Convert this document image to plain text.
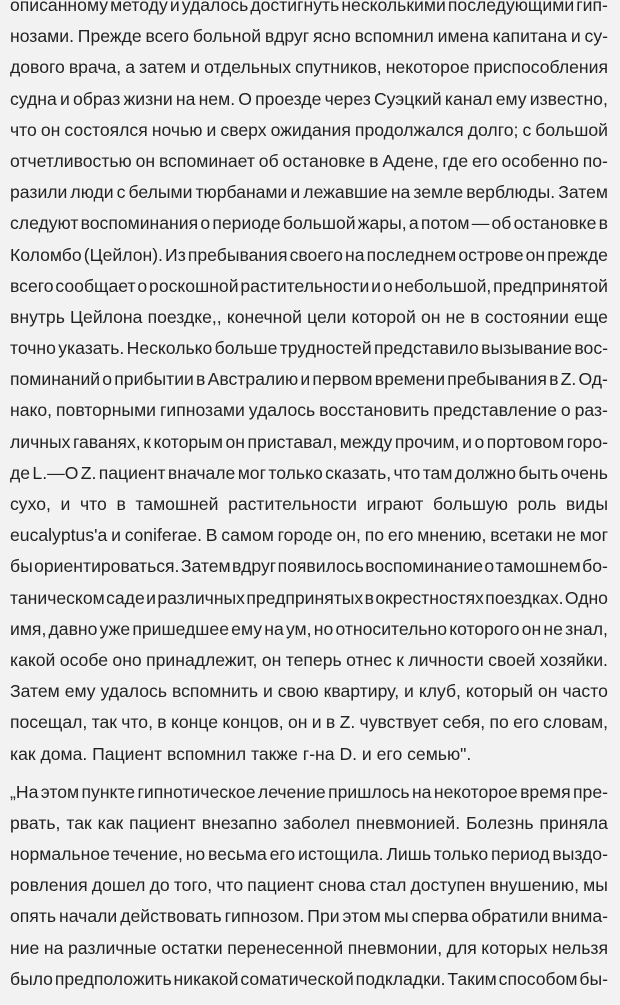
описанному методу и удалось достигнуть несколькими последующими гип-
нозами. Прежде всего больной вдруг ясно вспомнил имена капитана и су-
дового врача, а затем и отдельных спутников, некоторое приспособления
судна и образ жизни на нем. О проезде через Суэцкий канал ему известно,
что он состоялся ночью и сверх ожидания продолжался долго; с большой
отчетливостью он вспоминает об остановке в Адене, где его особенно по-
разили люди с белыми тюрбанами и лежавшие на земле верблюды. Затем
следуют воспоминания о периоде большой жары, а потом — об остановке в
Коломбо (Цейлон). Из пребывания своего на последнем острове он прежде
всего сообщает о роскошной растительности и о небольшой, предпринятой
внутрь Цейлона поездке,, конечной цели которой он не в состоянии еще
точно указать. Несколько больше трудностей представило вызывание вос-
поминаний о прибытии в Австралию и первом времени пребывания в Z. Од-
нако, повторными гипнозами удалось восстановить представление о раз-
личных гаванях, к которым он приставал, между прочим, и о портовом горо-
де L.—О Z. пациент вначале мог только сказать, что там должно быть очень
сухо, и что в тамошней растительности играют большую роль виды
eucalyptus'a и coniferae. В самом городе он, по его мнению, всетаки не мог
бы ориентироваться. Затем вдруг появилось воспоминание о тамошнем бо-
таническом саде и различных предпринятых в окрестностях поездках. Одно
имя, давно уже пришедшее ему на ум, но относительно которого он не знал,
какой особе оно принадлежит, он теперь отнес к личности своей хозяйки.
Затем ему удалось вспомнить и свою квартиру, и клуб, который он часто
посещал, так что, в конце концов, он и в Z. чувствует себя, по его словам,
как дома. Пациент вспомнил также г-на D. и его семью".
„На этом пункте гипнотическое лечение пришлось на некоторое время пре-
рвать, так как пациент внезапно заболел пневмонией. Болезнь приняла
нормальное течение, но весьма его истощила. Лишь только период выздо-
ровления дошел до того, что пациент снова стал доступен внушению, мы
опять начали действовать гипнозом. При этом мы сперва обратили внима-
ние на различные остатки перенесенной пневмонии, для которых нельзя
было предположить никакой соматической подкладки. Таким способом бы-
